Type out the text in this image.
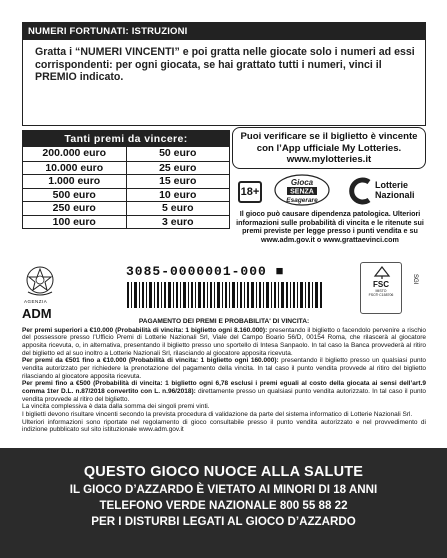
NUMERI FORTUNATI: ISTRUZIONI
Gratta i “NUMERI VINCENTI” e poi gratta nelle giocate solo i numeri ad essi corrispondenti: per ogni giocata, se hai grattato tutti i numeri, vinci il PREMIO indicato.
Tanti premi da vincere:
200.000 euro	50 euro
10.000 euro	25 euro
1.000 euro	15 euro
500 euro	10 euro
250 euro	5 euro
100 euro	3 euro
Puoi verificare se il biglietto è vincente
con l’App ufficiale My Lotteries.
www.mylotteries.it
18+
Gioca
SENZA
Esagerare
Lotterie
Nazionali
Il gioco può causare dipendenza patologica. Ulteriori informazioni sulle probabilità di vincita e le ritenute sui premi previste per legge presso i punti vendita e su www.adm.gov.it o www.grattaevinci.com
AGENZIA
ADM
3085-0000001-000 ■
FSC
MISTO
FSC® C158706
SGI
PAGAMENTO DEI PREMI E PROBABILITA' DI VINCITA:
Per premi superiori a €10.000 (Probabilità di vincita: 1 biglietto ogni 8.160.000): presentando il biglietto o facendolo pervenire a rischio del possessore presso l’Ufficio Premi di Lotterie Nazionali Srl, Viale del Campo Boario 56/D, 00154 Roma, che rilascerà al giocatore apposita ricevuta, o, in alternativa, presentando il biglietto presso uno sportello di Intesa Sanpaolo. In tal caso la Banca provvederà al ritiro del biglietto ed al suo inoltro a Lotterie Nazionali Srl, rilasciando al giocatore apposita ricevuta.
Per premi da €501 fino a €10.000 (Probabilità di vincita: 1 biglietto ogni 160.000): presentando il biglietto presso un qualsiasi punto vendita autorizzato per richiedere la prenotazione del pagamento della vincita. In tal caso il punto vendita provvede al ritiro del biglietto rilasciando al giocatore apposita ricevuta.
Per premi fino a €500 (Probabilità di vincita: 1 biglietto ogni 6,78 esclusi i premi eguali al costo della giocata ai sensi dell’art.9 comma 1ter D.L. n.87/2018 convertito con L. n.96/2018): direttamente presso un qualsiasi punto vendita autorizzato. In tal caso il punto vendita provvede al ritiro del biglietto.
La vincita complessiva è data dalla somma dei singoli premi vinti.
I biglietti devono risultare vincenti secondo la prevista procedura di validazione da parte del sistema informatico di Lotterie Nazionali Srl.
Ulteriori informazioni sono riportate nel regolamento di gioco consultabile presso il punto vendita autorizzato e nel provvedimento di indizione pubblicato sul sito istituzionale www.adm.gov.it
QUESTO GIOCO NUOCE ALLA SALUTE
IL GIOCO D’AZZARDO È VIETATO AI MINORI DI 18 ANNI
TELEFONO VERDE NAZIONALE 800 55 88 22
PER I DISTURBI LEGATI AL GIOCO D’AZZARDO
